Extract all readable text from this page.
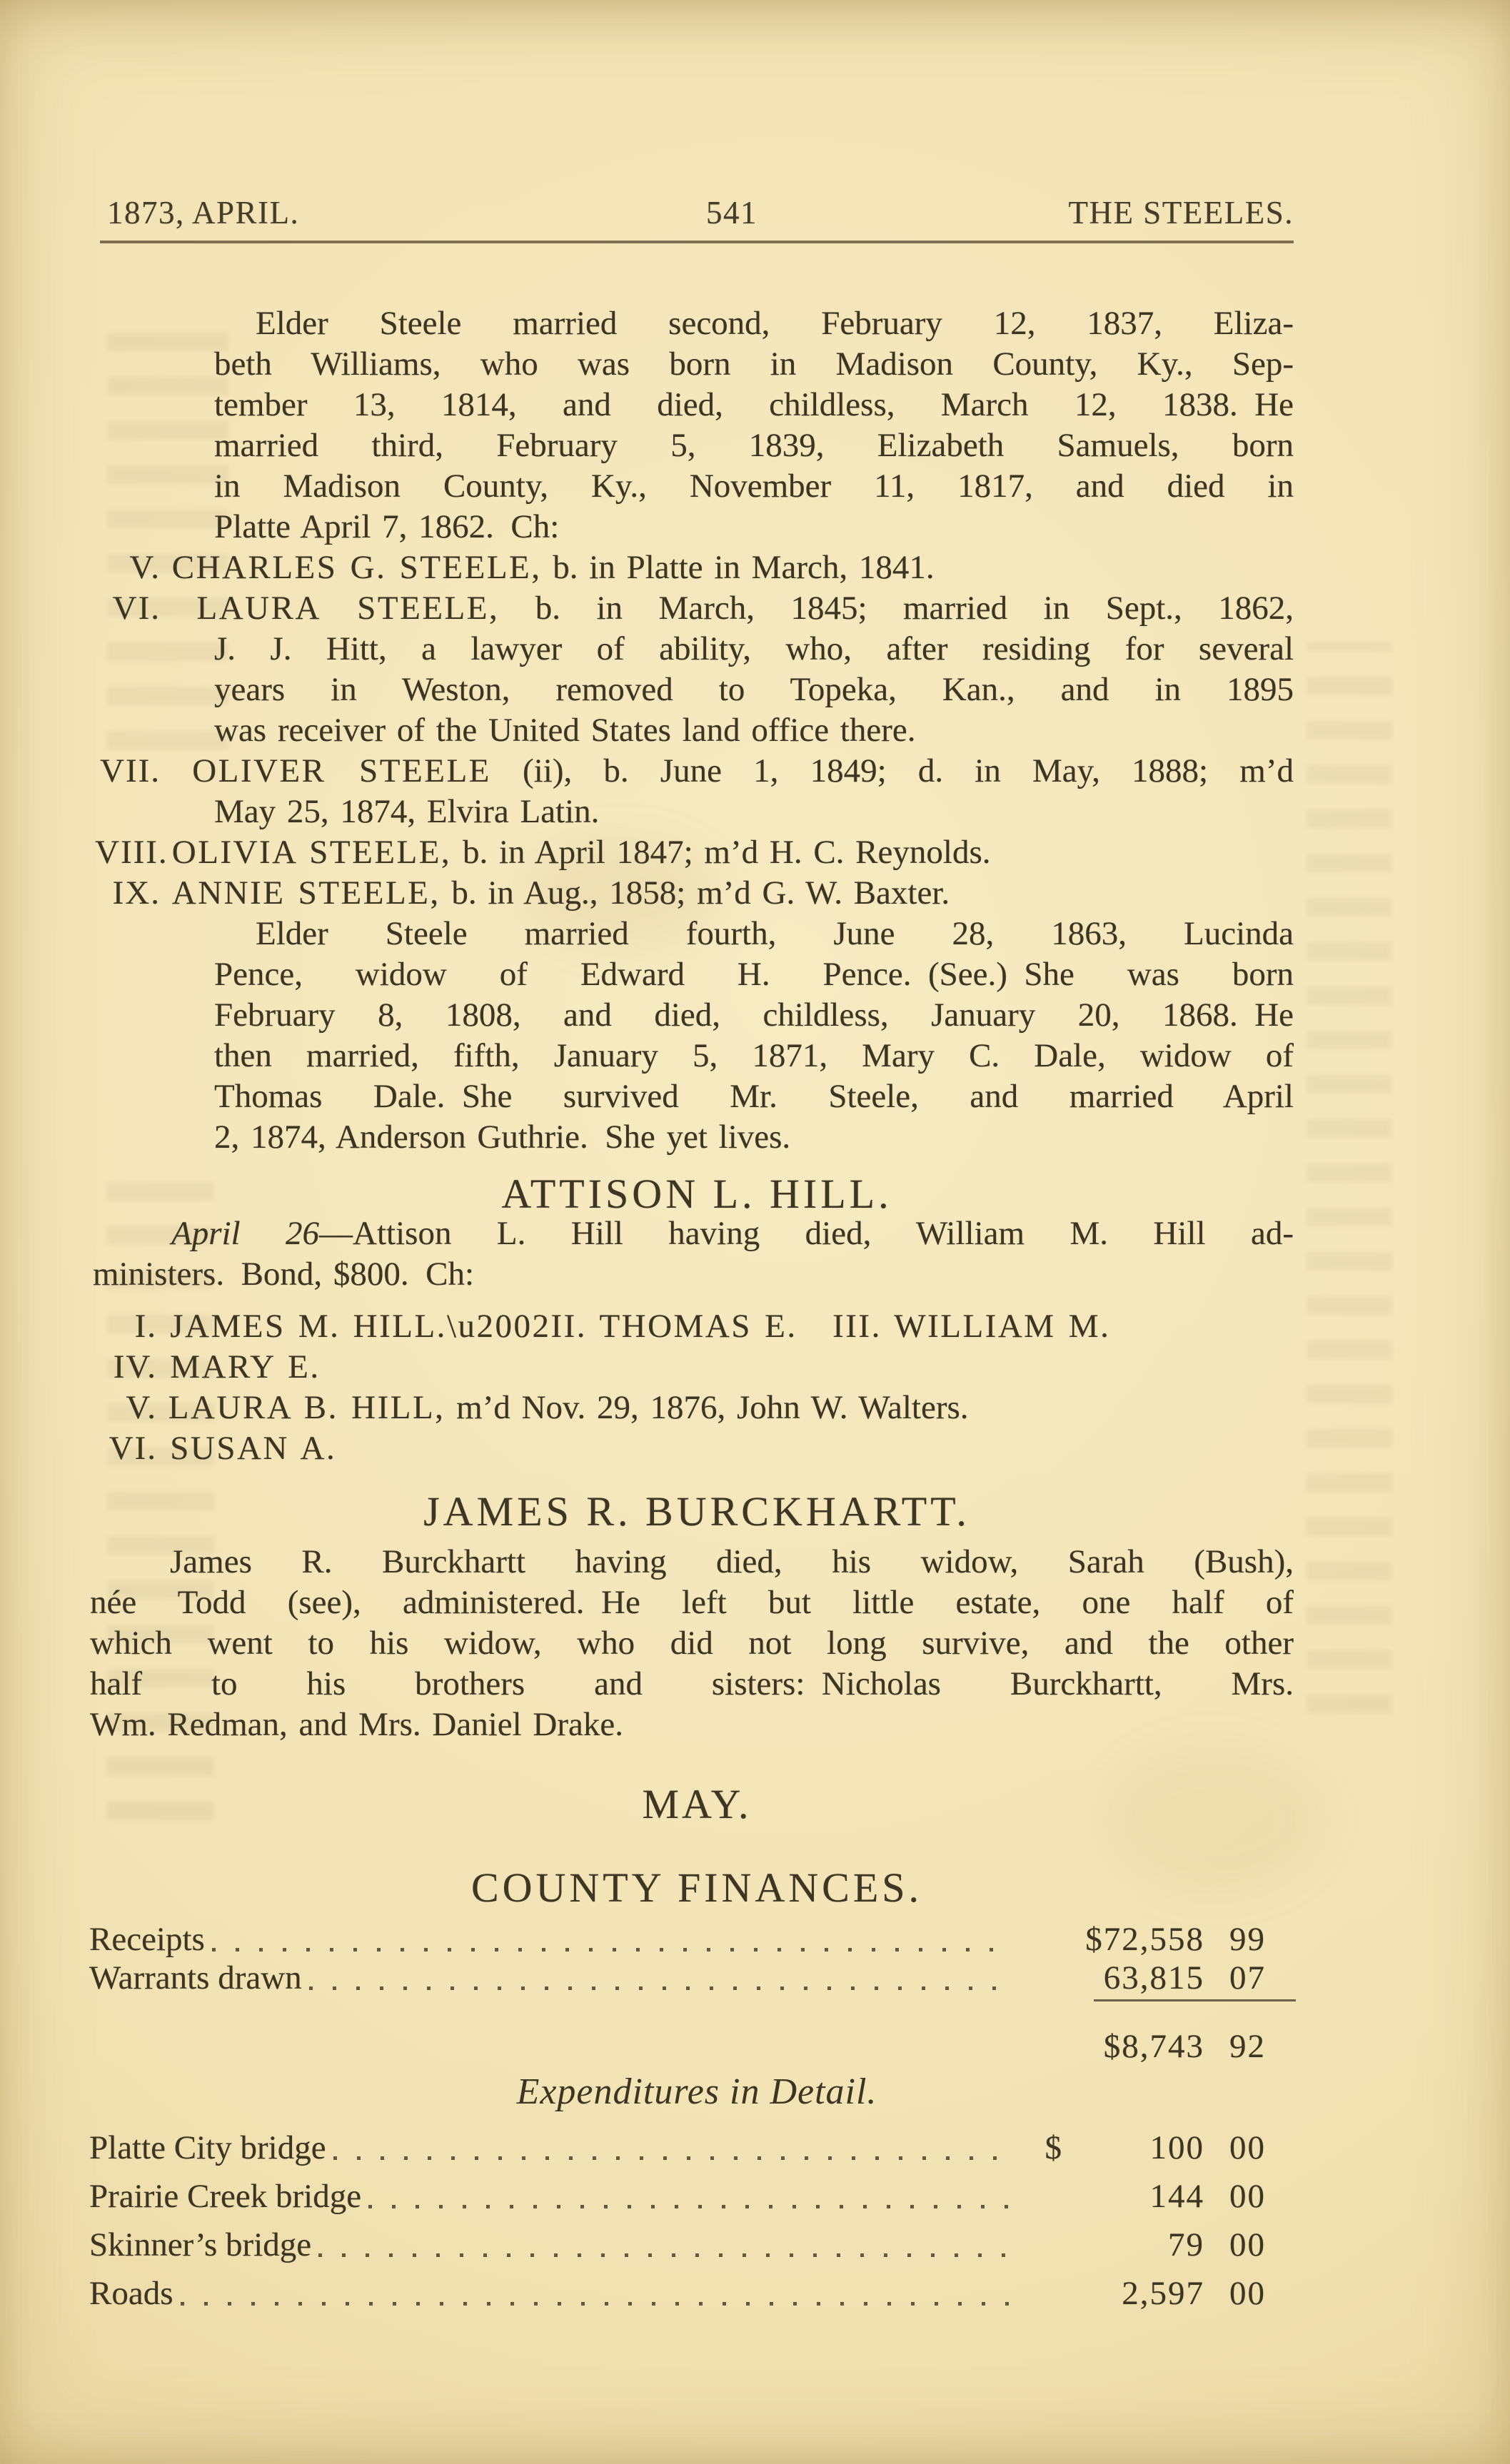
1873, APRIL.	541	THE STEELES.
Elder Steele married second, February 12, 1837, Eliza-
beth Williams, who was born in Madison County, Ky., Sep-
tember 13, 1814, and died, childless, March 12, 1838. He
married third, February 5, 1839, Elizabeth Samuels, born
in Madison County, Ky., November 11, 1817, and died in
Platte April 7, 1862. Ch:
V. CHARLES G. STEELE, b. in Platte in March, 1841.
VI. LAURA STEELE, b. in March, 1845; married in Sept., 1862,
J. J. Hitt, a lawyer of ability, who, after residing for several
years in Weston, removed to Topeka, Kan., and in 1895
was receiver of the United States land office there.
VII. OLIVER STEELE (ii), b. June 1, 1849; d. in May, 1888; m’d
May 25, 1874, Elvira Latin.
VIII. OLIVIA STEELE, b. in April 1847; m’d H. C. Reynolds.
IX. ANNIE STEELE, b. in Aug., 1858; m’d G. W. Baxter.
Elder Steele married fourth, June 28, 1863, Lucinda
Pence, widow of Edward H. Pence. (See.) She was born
February 8, 1808, and died, childless, January 20, 1868. He
then married, fifth, January 5, 1871, Mary C. Dale, widow of
Thomas Dale. She survived Mr. Steele, and married April
2, 1874, Anderson Guthrie. She yet lives.
ATTISON L. HILL.
April 26—Attison L. Hill having died, William M. Hill ad-
ministers. Bond, $800. Ch:
I. JAMES M. HILL.\u2002II. THOMAS E. III. WILLIAM M.
IV. MARY E.
V. LAURA B. HILL, m’d Nov. 29, 1876, John W. Walters.
VI. SUSAN A.
JAMES R. BURCKHARTT.
James R. Burckhartt having died, his widow, Sarah (Bush),
née Todd (see), administered. He left but little estate, one half of
which went to his widow, who did not long survive, and the other
half to his brothers and sisters: Nicholas Burckhartt, Mrs.
Wm. Redman, and Mrs. Daniel Drake.
MAY.
COUNTY FINANCES.
Receipts	$72,558 99
Warrants drawn	63,815 07
$8,743 92
Expenditures in Detail.
Platte City bridge	$	100 00
Prairie Creek bridge	144 00
Skinner’s bridge	79 00
Roads	2,597 00
